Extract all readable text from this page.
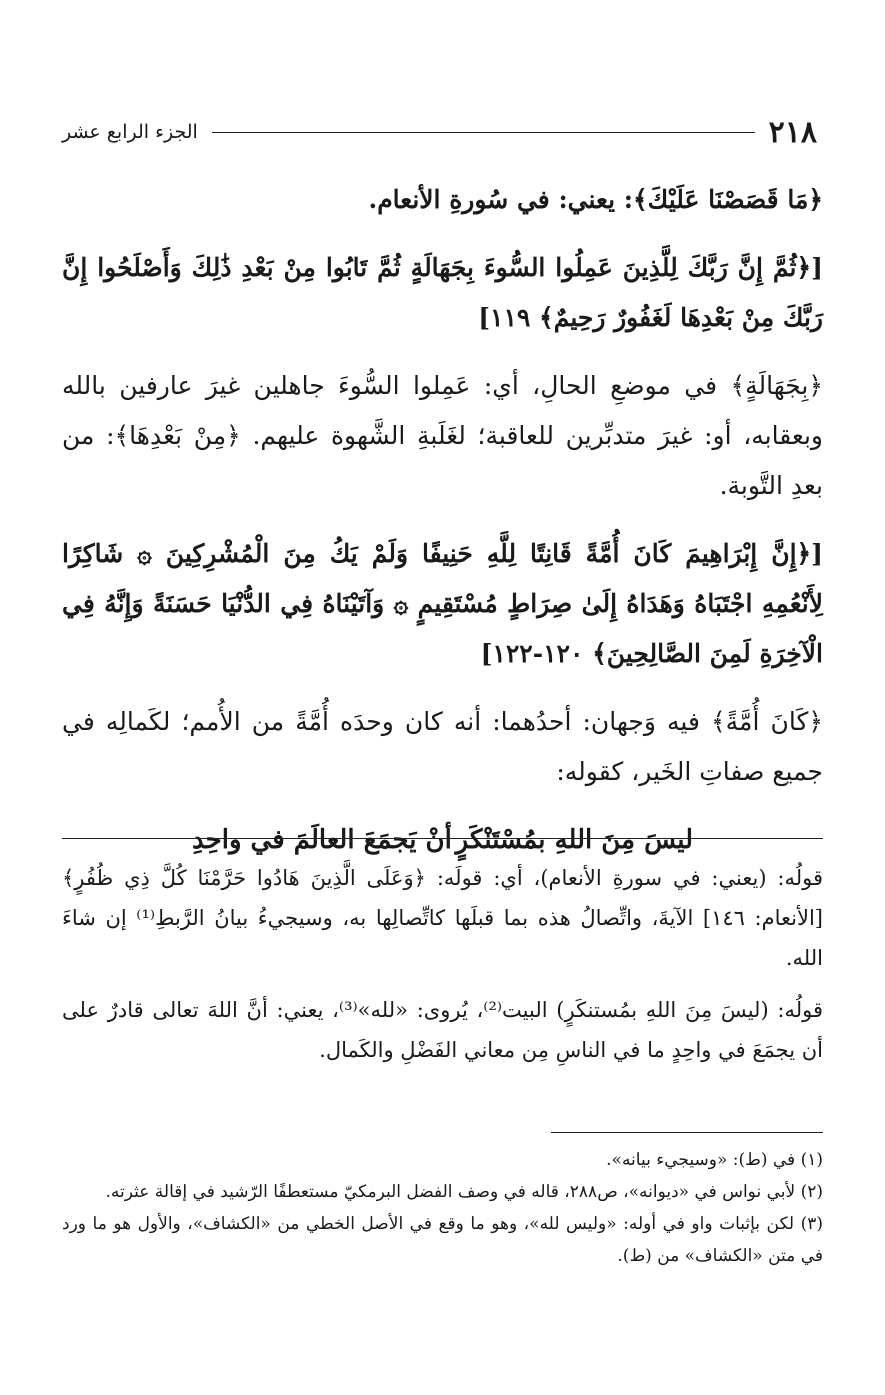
٢١٨
الجزء الرابع عشر

﴿مَا قَصَصْنَا عَلَيْكَ﴾: يعني: في سُورةِ الأنعام.

[﴿ثُمَّ إِنَّ رَبَّكَ لِلَّذِينَ عَمِلُوا السُّوءَ بِجَهَالَةٍ ثُمَّ تَابُوا مِنْ بَعْدِ ذَٰلِكَ وَأَصْلَحُوا إِنَّ رَبَّكَ مِنْ بَعْدِهَا لَغَفُورٌ رَحِيمٌ﴾ ١١٩]

﴿بِجَهَالَةٍ﴾ في موضعِ الحالِ، أي: عَمِلوا السُّوءَ جاهلين غيرَ عارفين بالله وبعقابه، أو: غيرَ متدبِّرين للعاقبة؛ لغَلَبةِ الشَّهوة عليهم. ﴿مِنْ بَعْدِهَا﴾: من بعدِ التَّوبة.

[﴿إِنَّ إِبْرَاهِيمَ كَانَ أُمَّةً قَانِتًا لِلَّهِ حَنِيفًا وَلَمْ يَكُ مِنَ الْمُشْرِكِينَ ۞ شَاكِرًا لِأَنْعُمِهِ اجْتَبَاهُ وَهَدَاهُ إِلَىٰ صِرَاطٍ مُسْتَقِيمٍ ۞ وَآتَيْنَاهُ فِي الدُّنْيَا حَسَنَةً وَإِنَّهُ فِي الْآخِرَةِ لَمِنَ الصَّالِحِينَ﴾ ١٢٠-١٢٢]

﴿كَانَ أُمَّةً﴾ فيه وَجهان: أحدُهما: أنه كان وحدَه أُمَّةً من الأُمم؛ لكَمالِه في جميع صفاتِ الخَير، كقوله:

ليسَ مِنَ اللهِ بمُسْتَنْكَرٍ
أنْ يَجمَعَ العالَمَ في واحِدِ

قولُه: (يعني: في سورةِ الأنعام)، أي: قولَه: ﴿وَعَلَى الَّذِينَ هَادُوا حَرَّمْنَا كُلَّ ذِي ظُفُرٍ﴾ [الأنعام: ١٤٦] الآيةَ، واتِّصالُ هذه بما قبلَها كاتِّصالِها به، وسيجيءُ بيانُ الرَّبطِ⁽¹⁾ إن شاءَ الله.

قولُه: (ليسَ مِنَ اللهِ بمُستنكَرٍ) البيت⁽²⁾، يُروى: «لله»⁽³⁾، يعني: أنَّ اللهَ تعالى قادرٌ على أن يجمَعَ في واحِدٍ ما في الناسِ مِن معاني الفَضْلِ والكَمال.

(١) في (ط): «وسيجيء بيانه».

(٢) لأبي نواس في «ديوانه»، ص٢٨٨، قاله في وصف الفضل البرمكيّ مستعطفًا الرّشيد في إقالة عثرته.

(٣) لكن بإثبات واو في أوله: «وليس لله»، وهو ما وقع في الأصل الخطي من «الكشاف»، والأول هو ما ورد في متن «الكشاف» من (ط).
